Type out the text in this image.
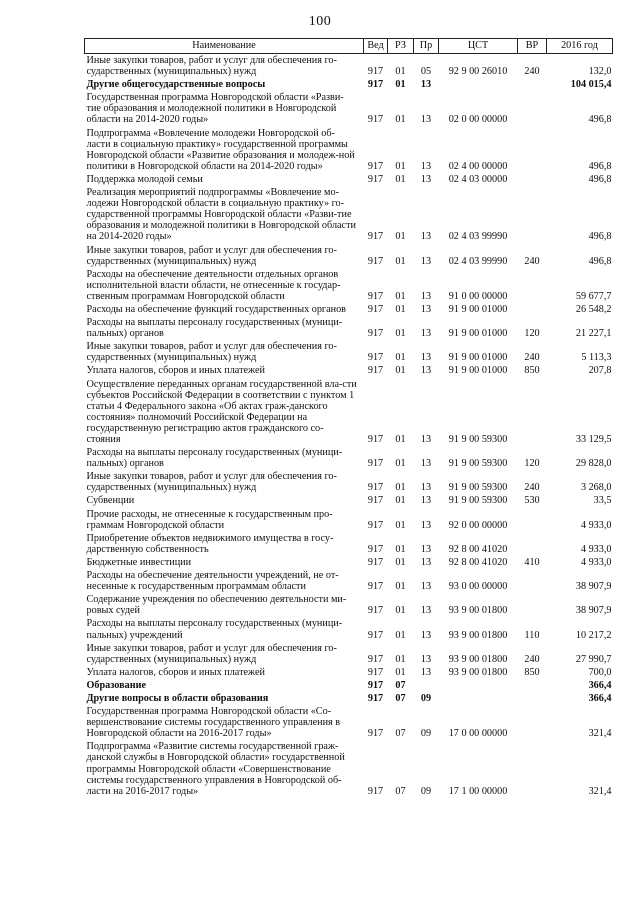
100
Наименование	Вед	РЗ	Пр	ЦСТ	ВР	2016 год
Иные закупки товаров, работ и услуг для обеспечения го-сударственных (муниципальных) нужд	917	01	05	92 9 00 26010	240	132,0
Другие общегосударственные вопросы	917	01	13			104 015,4
Государственная программа Новгородской области «Разви-тие образования и молодежной политики в Новгородской области на 2014-2020 годы»	917	01	13	02 0 00 00000		496,8
Подпрограмма «Вовлечение молодежи Новгородской об-ласти в социальную практику» государственной программы Новгородской области «Развитие образования и молодеж-ной политики в Новгородской области на 2014-2020 годы»	917	01	13	02 4 00 00000		496,8
Поддержка молодой семьи	917	01	13	02 4 03 00000		496,8
Реализация мероприятий подпрограммы «Вовлечение мо-лодежи Новгородской области в социальную практику» го-сударственной программы Новгородской области «Разви-тие образования и молодежной политики в Новгородской области на 2014-2020 годы»	917	01	13	02 4 03 99990		496,8
Иные закупки товаров, работ и услуг для обеспечения го-сударственных (муниципальных) нужд	917	01	13	02 4 03 99990	240	496,8
Расходы на обеспечение деятельности отдельных органов исполнительной власти области, не отнесенные к государ-ственным программам Новгородской области	917	01	13	91 0 00 00000		59 677,7
Расходы на обеспечение функций государственных органов	917	01	13	91 9 00 01000		26 548,2
Расходы на выплаты персоналу государственных (муници-пальных) органов	917	01	13	91 9 00 01000	120	21 227,1
Иные закупки товаров, работ и услуг для обеспечения го-сударственных (муниципальных) нужд	917	01	13	91 9 00 01000	240	5 113,3
Уплата налогов, сборов и иных платежей	917	01	13	91 9 00 01000	850	207,8
Осуществление переданных органам государственной вла-сти субъектов Российской Федерации в соответствии с пунктом 1 статьи 4 Федерального закона «Об актах граж-данского состояния» полномочий Российской Федерации на государственную регистрацию актов гражданского со-стояния	917	01	13	91 9 00 59300		33 129,5
Расходы на выплаты персоналу государственных (муници-пальных) органов	917	01	13	91 9 00 59300	120	29 828,0
Иные закупки товаров, работ и услуг для обеспечения го-сударственных (муниципальных) нужд	917	01	13	91 9 00 59300	240	3 268,0
Субвенции	917	01	13	91 9 00 59300	530	33,5
Прочие расходы, не отнесенные к государственным про-граммам Новгородской области	917	01	13	92 0 00 00000		4 933,0
Приобретение объектов недвижимого имущества в госу-дарственную собственность	917	01	13	92 8 00 41020		4 933,0
Бюджетные инвестиции	917	01	13	92 8 00 41020	410	4 933,0
Расходы на обеспечение деятельности учреждений, не от-несенные к государственным программам области	917	01	13	93 0 00 00000		38 907,9
Содержание учреждения по обеспечению деятельности ми-ровых судей	917	01	13	93 9 00 01800		38 907,9
Расходы на выплаты персоналу государственных (муници-пальных) учреждений	917	01	13	93 9 00 01800	110	10 217,2
Иные закупки товаров, работ и услуг для обеспечения го-сударственных (муниципальных) нужд	917	01	13	93 9 00 01800	240	27 990,7
Уплата налогов, сборов и иных платежей	917	01	13	93 9 00 01800	850	700,0
Образование	917	07				366,4
Другие вопросы в области образования	917	07	09			366,4
Государственная программа Новгородской области «Со-вершенствование системы государственного управления в Новгородской области на 2016-2017 годы»	917	07	09	17 0 00 00000		321,4
Подпрограмма «Развитие системы государственной граж-данской службы в Новгородской области» государственной программы Новгородской области «Совершенствование системы государственного управления в Новгородской об-ласти на 2016-2017 годы»	917	07	09	17 1 00 00000		321,4
